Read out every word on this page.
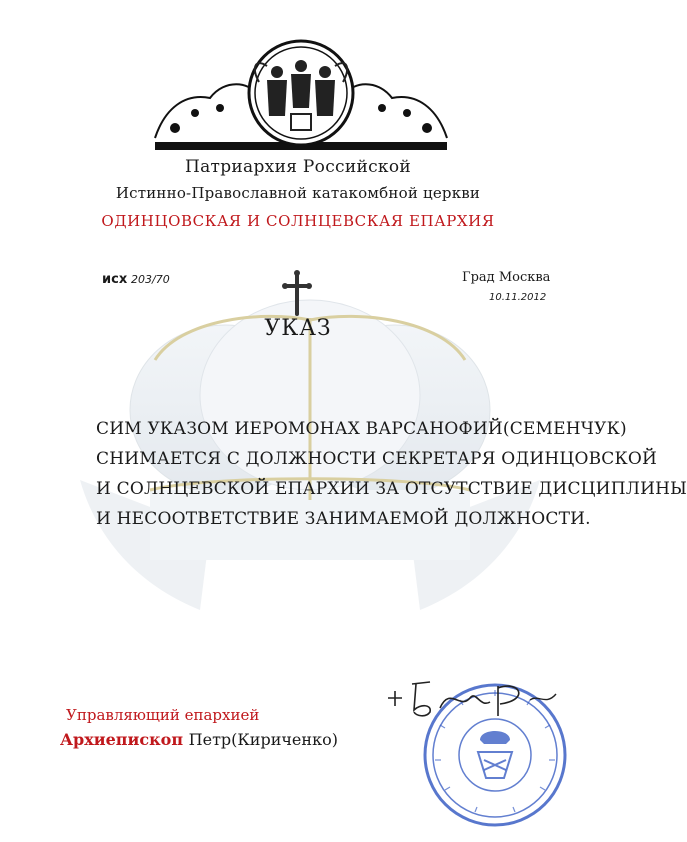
Патриархия Российской
Истинно-Православной катакомбной церкви
ОДИНЦОВСКАЯ И СОЛНЦЕВСКАЯ ЕПАРХИЯ
исх 203/70	Град Москва
10.11.2012
УКАЗ
СИМ УКАЗОМ ИЕРОМОНАХ ВАРСАНОФИЙ(СЕМЕНЧУК)
СНИМАЕТСЯ С ДОЛЖНОСТИ СЕКРЕТАРЯ ОДИНЦОВСКОЙ
И СОЛНЦЕВСКОЙ ЕПАРХИИ ЗА ОТСУТСТВИЕ ДИСЦИПЛИНЫ
И НЕСООТВЕТСТВИЕ ЗАНИМАЕМОЙ ДОЛЖНОСТИ.
Управляющий епархией
Архиепископ Петр(Кириченко)
